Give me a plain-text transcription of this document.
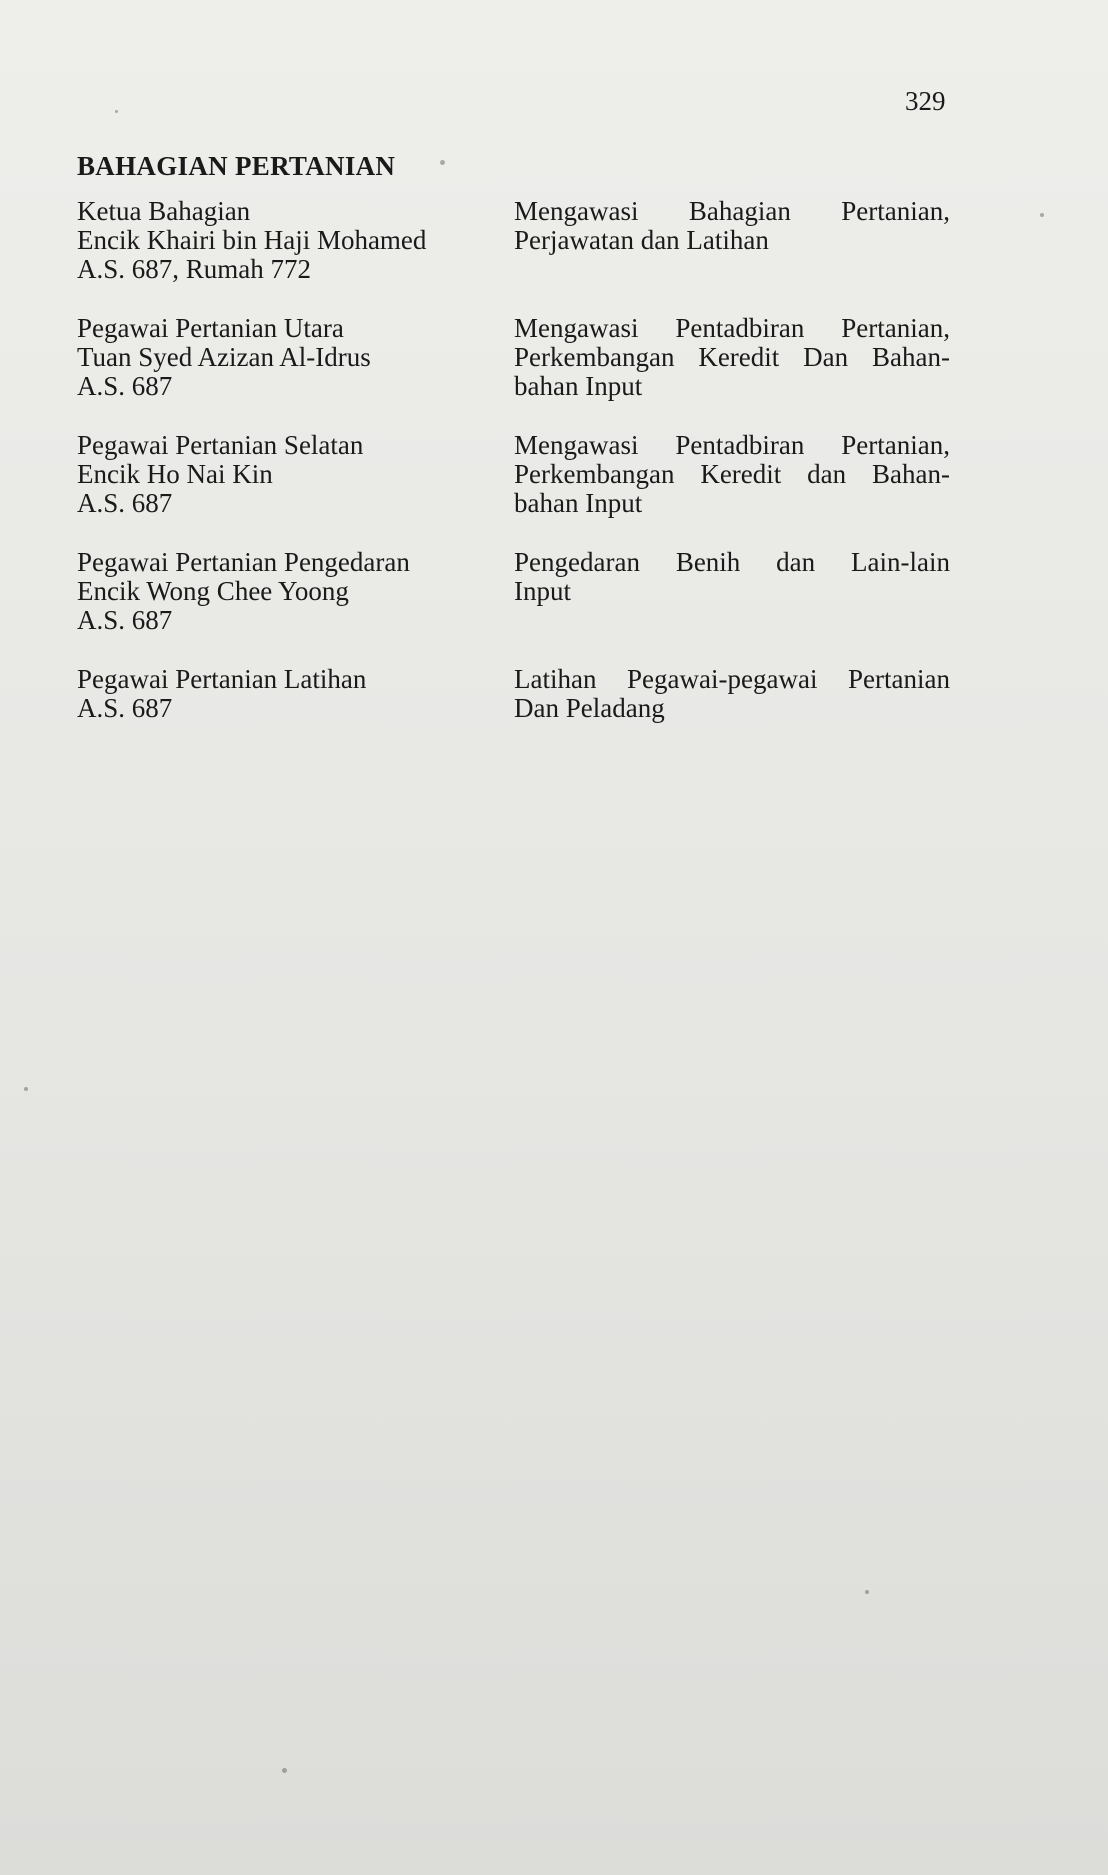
329
BAHAGIAN PERTANIAN
Ketua Bahagian
Encik Khairi bin Haji Mohamed
A.S. 687, Rumah 772
Mengawasi Bahagian Pertanian,
Perjawatan dan Latihan
Pegawai Pertanian Utara
Tuan Syed Azizan Al-Idrus
A.S. 687
Mengawasi Pentadbiran Pertanian,
Perkembangan Keredit Dan Bahan-
bahan Input
Pegawai Pertanian Selatan
Encik Ho Nai Kin
A.S. 687
Mengawasi Pentadbiran Pertanian,
Perkembangan Keredit dan Bahan-
bahan Input
Pegawai Pertanian Pengedaran
Encik Wong Chee Yoong
A.S. 687
Pengedaran Benih dan Lain-lain
Input
Pegawai Pertanian Latihan
A.S. 687
Latihan Pegawai-pegawai Pertanian
Dan Peladang
